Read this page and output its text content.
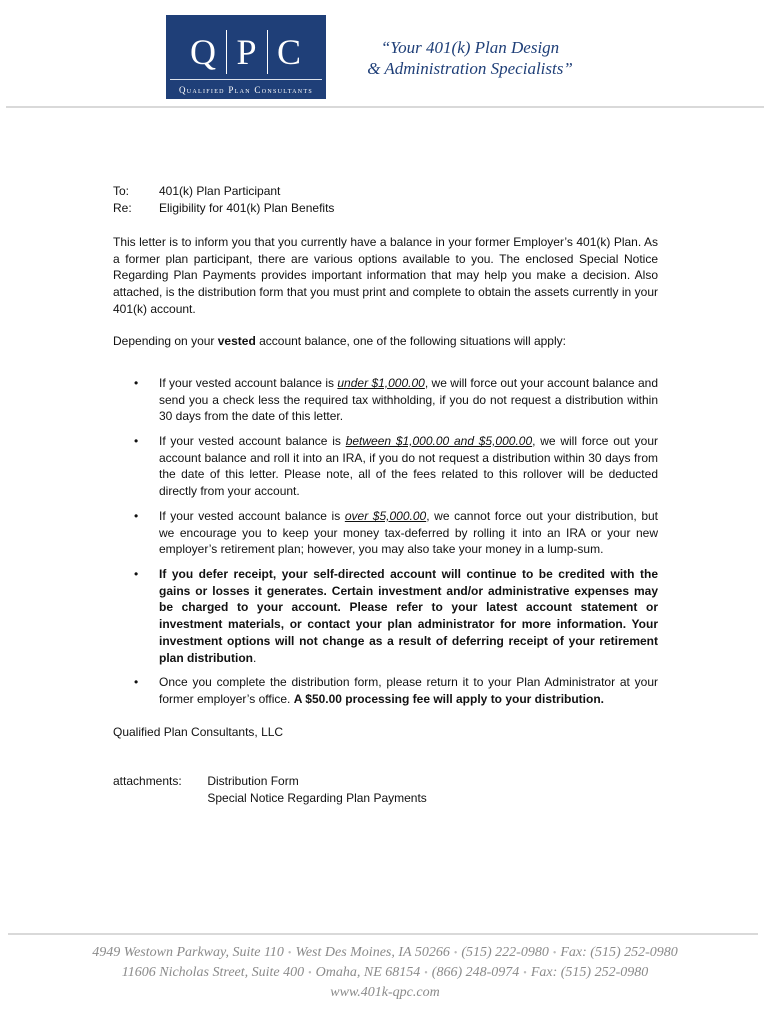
Q P C
Qualified Plan Consultants
“Your 401(k) Plan Design
& Administration Specialists”
To:	401(k) Plan Participant
Re:	Eligibility for 401(k) Plan Benefits

This letter is to inform you that you currently have a balance in your former Employer’s 401(k) Plan. As a former plan participant, there are various options available to you. The enclosed Special Notice Regarding Plan Payments provides important information that may help you make a decision. Also attached, is the distribution form that you must print and complete to obtain the assets currently in your 401(k) account.

Depending on your vested account balance, one of the following situations will apply:

• If your vested account balance is under $1,000.00, we will force out your account balance and send you a check less the required tax withholding, if you do not request a distribution within 30 days from the date of this letter.
• If your vested account balance is between $1,000.00 and $5,000.00, we will force out your account balance and roll it into an IRA, if you do not request a distribution within 30 days from the date of this letter. Please note, all of the fees related to this rollover will be deducted directly from your account.
• If your vested account balance is over $5,000.00, we cannot force out your distribution, but we encourage you to keep your money tax-deferred by rolling it into an IRA or your new employer’s retirement plan; however, you may also take your money in a lump-sum.
• If you defer receipt, your self-directed account will continue to be credited with the gains or losses it generates. Certain investment and/or administrative expenses may be charged to your account. Please refer to your latest account statement or investment materials, or contact your plan administrator for more information. Your investment options will not change as a result of deferring receipt of your retirement plan distribution.
• Once you complete the distribution form, please return it to your Plan Administrator at your former employer’s office. A $50.00 processing fee will apply to your distribution.
Qualified Plan Consultants, LLC
attachments: Distribution Form
Special Notice Regarding Plan Payments
4949 Westown Parkway, Suite 110 • West Des Moines, IA 50266 • (515) 222-0980 • Fax: (515) 252-0980
11606 Nicholas Street, Suite 400 • Omaha, NE 68154 • (866) 248-0974 • Fax: (515) 252-0980
www.401k-qpc.com
